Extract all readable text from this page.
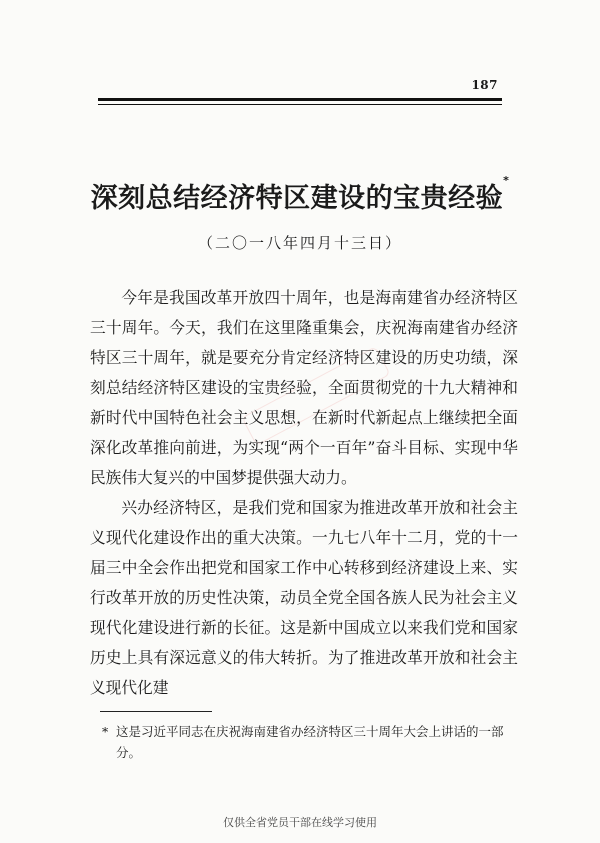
187
深刻总结经济特区建设的宝贵经验*
（二〇一八年四月十三日）

今年是我国改革开放四十周年，也是海南建省办经济特区三十周年。今天，我们在这里隆重集会，庆祝海南建省办经济特区三十周年，就是要充分肯定经济特区建设的历史功绩，深刻总结经济特区建设的宝贵经验，全面贯彻党的十九大精神和新时代中国特色社会主义思想，在新时代新起点上继续把全面深化改革推向前进，为实现“两个一百年”奋斗目标、实现中华民族伟大复兴的中国梦提供强大动力。

兴办经济特区，是我们党和国家为推进改革开放和社会主义现代化建设作出的重大决策。一九七八年十二月，党的十一届三中全会作出把党和国家工作中心转移到经济建设上来、实行改革开放的历史性决策，动员全党全国各族人民为社会主义现代化建设进行新的长征。这是新中国成立以来我们党和国家历史上具有深远意义的伟大转折。为了推进改革开放和社会主义现代化建

* 这是习近平同志在庆祝海南建省办经济特区三十周年大会上讲话的一部分。
仅供全省党员干部在线学习使用
